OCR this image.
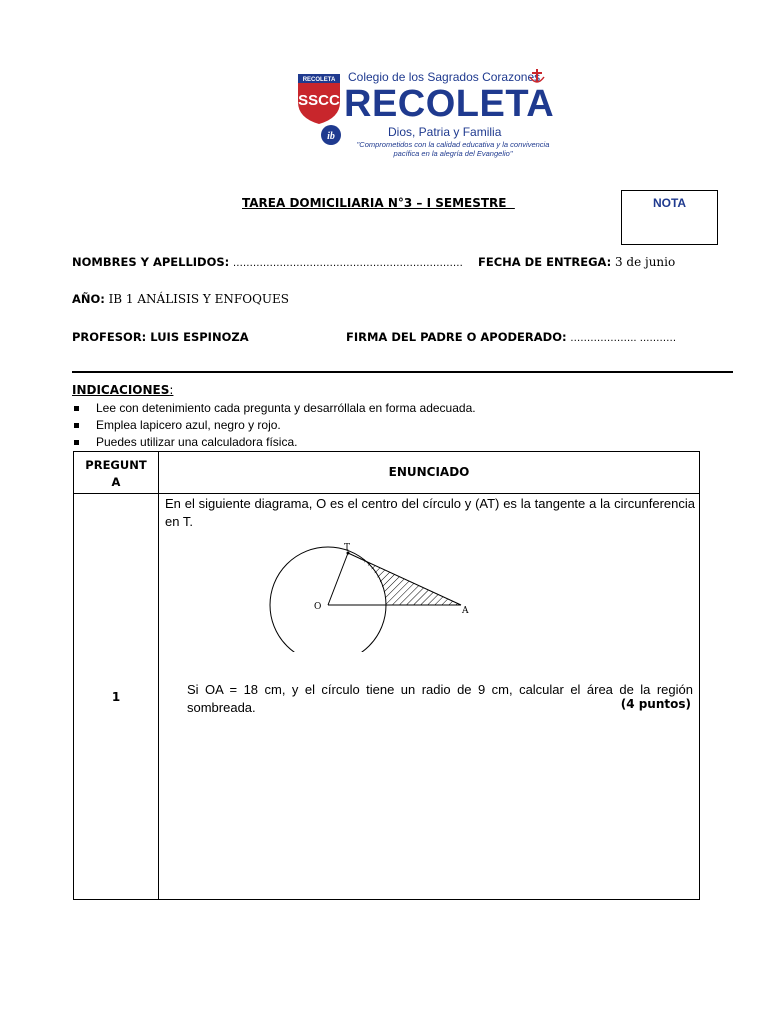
RECOLETA
SSCC
Colegio de los Sagrados Corazones
RECOLETA
ib	Dios, Patria y Familia
"Comprometidos con la calidad educativa y la convivencia pacífica en la alegría del Evangelio"
TAREA DOMICILIARIA N°3 – I SEMESTRE	NOTA
NOMBRES Y APELLIDOS: …………………………………………………………… FECHA DE ENTREGA: 3 de junio
AÑO: IB 1 ANÁLISIS Y ENFOQUES
PROFESOR: LUIS ESPINOZA	FIRMA DEL PADRE O APODERADO: ……………….. ..………
INDICACIONES:
Lee con detenimiento cada pregunta y desarróllala en forma adecuada.
Emplea lapicero azul, negro y rojo.
Puedes utilizar una calculadora física.
PREGUNT
A
ENUNCIADO
1
En el siguiente diagrama, O es el centro del círculo y (AT) es la tangente a la circunferencia en T.
O
T
A
Si OA = 18 cm, y el círculo tiene un radio de 9 cm, calcular el área de la región sombreada.	(4 puntos)
